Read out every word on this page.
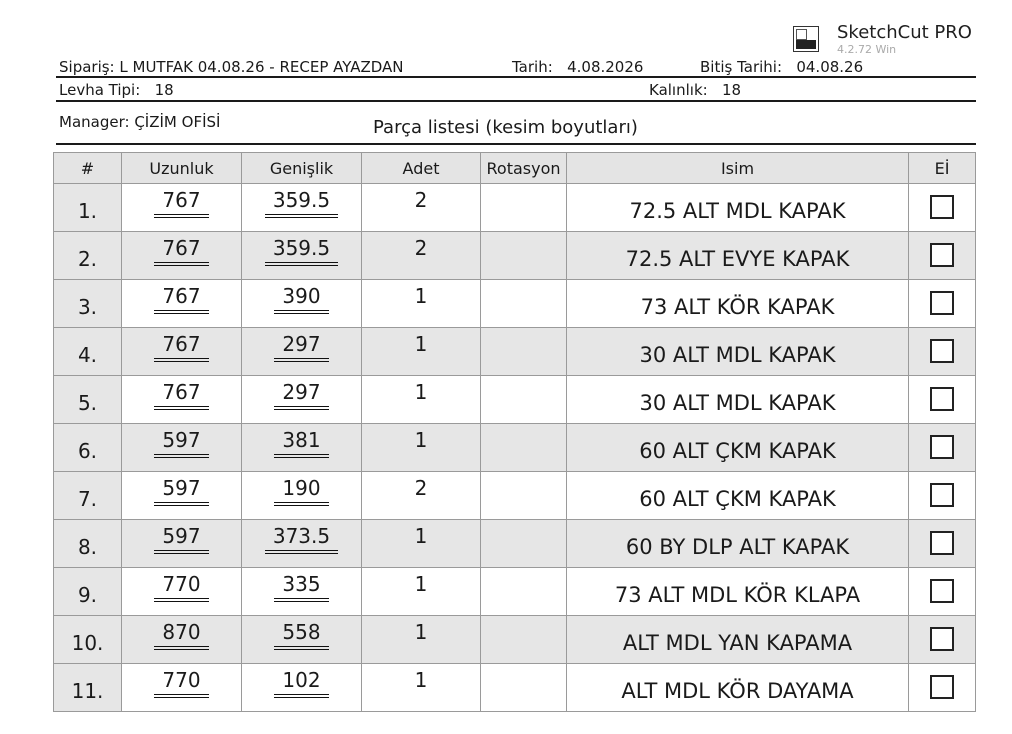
SketchCut PRO
4.2.72 Win
Sipariş: L MUTFAK 04.08.26 - RECEP AYAZDAN	Tarih: 4.08.2026	Bitiş Tarihi: 04.08.26
Levha Tipi: 18	Kalınlık: 18
Manager: ÇİZİM OFİSİ	Parça listesi (kesim boyutları)
#	Uzunluk	Genişlik	Adet	Rotasyon	Isim	Eİ
1.	767	359.5	2		72.5 ALT MDL KAPAK	
2.	767	359.5	2		72.5 ALT EVYE KAPAK	
3.	767	390	1		73 ALT KÖR KAPAK	
4.	767	297	1		30 ALT MDL KAPAK	
5.	767	297	1		30 ALT MDL KAPAK	
6.	597	381	1		60 ALT ÇKM KAPAK	
7.	597	190	2		60 ALT ÇKM KAPAK	
8.	597	373.5	1		60 BY DLP ALT KAPAK	
9.	770	335	1		73 ALT MDL KÖR KLAPA	
10.	870	558	1		ALT MDL YAN KAPAMA	
11.	770	102	1		ALT MDL KÖR DAYAMA	
